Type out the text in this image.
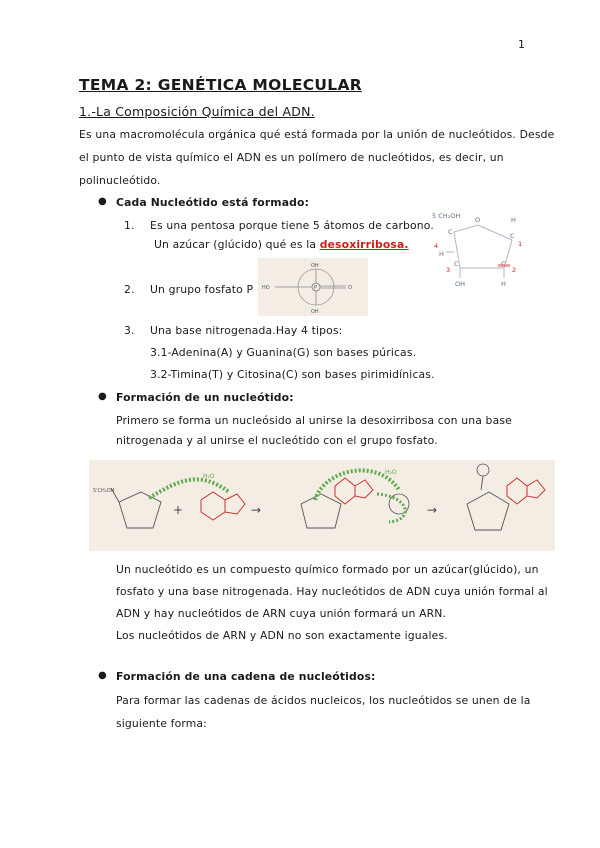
1
TEMA 2: GENÉTICA MOLECULAR
1.-La Composición Química del ADN.
Es una macromolécula orgánica qué está formada por la unión de nucleótidos. Desde
el punto de vista químico el ADN es un polímero de nucleótidos, es decir, un
polinucleótido.
● Cada Nucleótido está formado:
1. Es una pentosa porque tiene 5 átomos de carbono.
Un azúcar (glúcido) qué es la desoxirribosa.
2. Un grupo fosfato P
3. Una base nitrogenada.Hay 4 tipos:
3.1-Adenina(A) y Guanina(G) son bases púricas.
3.2-Timina(T) y Citosina(C) son bases pirimidínicas.
5 CH₂OH O	H
C	C
C
H
OH	H
1
2
3
4
OH
HO	P	O
OH
● Formación de un nucleótido:
Primero se forma un nucleósido al unirse la desoxirribosa con una base
nitrogenada y al unirse el nucleótido con el grupo fosfato.
+
5'CH₂OH
H₂O
→
H₂O
→
Un nucleótido es un compuesto químico formado por un azúcar(glúcido), un
fosfato y una base nitrogenada. Hay nucleótidos de ADN cuya unión formal al
ADN y hay nucleótidos de ARN cuya unión formará un ARN.
Los nucleótidos de ARN y ADN no son exactamente iguales.
● Formación de una cadena de nucleótidos:
Para formar las cadenas de ácidos nucleicos, los nucleótidos se unen de la
siguiente forma:
